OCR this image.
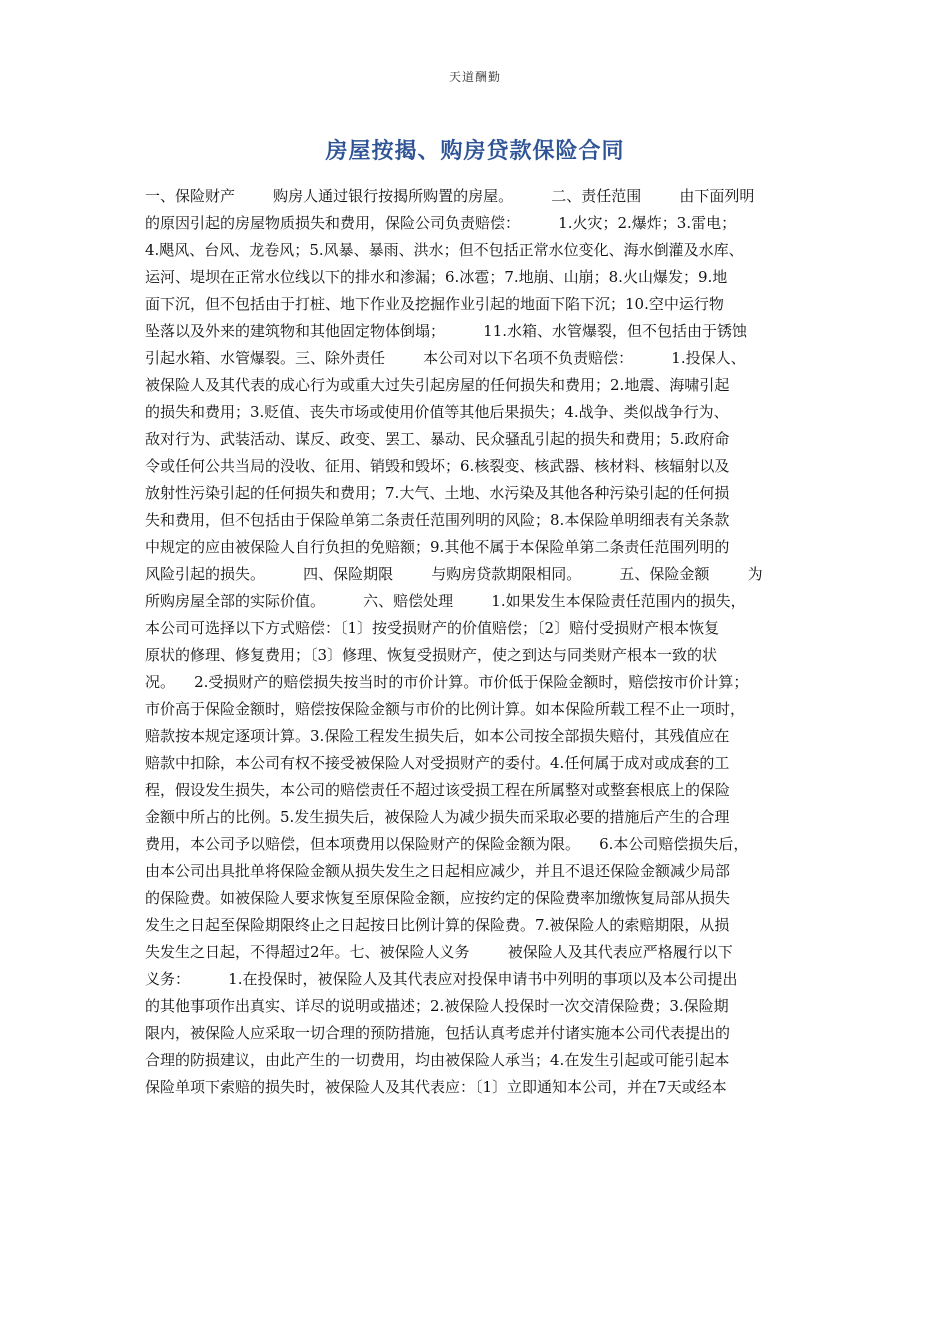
天道酬勤
房屋按揭、购房贷款保险合同
一、保险财产        购房人通过银行按揭所购置的房屋。        二、责任范围        由下面列明
的原因引起的房屋物质损失和费用，保险公司负责赔偿：        1.火灾；2.爆炸；3.雷电；
4.飓风、台风、龙卷风；5.风暴、暴雨、洪水；但不包括正常水位变化、海水倒灌及水库、
运河、堤坝在正常水位线以下的排水和渗漏；6.冰雹；7.地崩、山崩；8.火山爆发；9.地
面下沉，但不包括由于打桩、地下作业及挖掘作业引起的地面下陷下沉；10.空中运行物
坠落以及外来的建筑物和其他固定物体倒塌；        11.水箱、水管爆裂，但不包括由于锈蚀
引起水箱、水管爆裂。三、除外责任        本公司对以下名项不负责赔偿：        1.投保人、
被保险人及其代表的成心行为或重大过失引起房屋的任何损失和费用；2.地震、海啸引起
的损失和费用；3.贬值、丧失市场或使用价值等其他后果损失；4.战争、类似战争行为、
敌对行为、武装活动、谋反、政变、罢工、暴动、民众骚乱引起的损失和费用；5.政府命
令或任何公共当局的没收、征用、销毁和毁坏；6.核裂变、核武器、核材料、核辐射以及
放射性污染引起的任何损失和费用；7.大气、土地、水污染及其他各种污染引起的任何损
失和费用，但不包括由于保险单第二条责任范围列明的风险；8.本保险单明细表有关条款
中规定的应由被保险人自行负担的免赔额；9.其他不属于本保险单第二条责任范围列明的
风险引起的损失。        四、保险期限        与购房贷款期限相同。        五、保险金额        为
所购房屋全部的实际价值。        六、赔偿处理        1.如果发生本保险责任范围内的损失，
本公司可选择以下方式赔偿：〔1〕按受损财产的价值赔偿；〔2〕赔付受损财产根本恢复
原状的修理、修复费用；〔3〕修理、恢复受损财产，使之到达与同类财产根本一致的状
况。    2.受损财产的赔偿损失按当时的市价计算。市价低于保险金额时，赔偿按市价计算；
市价高于保险金额时，赔偿按保险金额与市价的比例计算。如本保险所载工程不止一项时，
赔款按本规定逐项计算。3.保险工程发生损失后，如本公司按全部损失赔付，其残值应在
赔款中扣除，本公司有权不接受被保险人对受损财产的委付。4.任何属于成对或成套的工
程，假设发生损失，本公司的赔偿责任不超过该受损工程在所属整对或整套根底上的保险
金额中所占的比例。5.发生损失后，被保险人为减少损失而采取必要的措施后产生的合理
费用，本公司予以赔偿，但本项费用以保险财产的保险金额为限。    6.本公司赔偿损失后，
由本公司出具批单将保险金额从损失发生之日起相应减少，并且不退还保险金额减少局部
的保险费。如被保险人要求恢复至原保险金额，应按约定的保险费率加缴恢复局部从损失
发生之日起至保险期限终止之日起按日比例计算的保险费。7.被保险人的索赔期限，从损
失发生之日起，不得超过2年。七、被保险人义务        被保险人及其代表应严格履行以下
义务：        1.在投保时，被保险人及其代表应对投保申请书中列明的事项以及本公司提出
的其他事项作出真实、详尽的说明或描述；2.被保险人投保时一次交清保险费；3.保险期
限内，被保险人应采取一切合理的预防措施，包括认真考虑并付诸实施本公司代表提出的
合理的防损建议，由此产生的一切费用，均由被保险人承当；4.在发生引起或可能引起本
保险单项下索赔的损失时，被保险人及其代表应：〔1〕立即通知本公司，并在7天或经本
